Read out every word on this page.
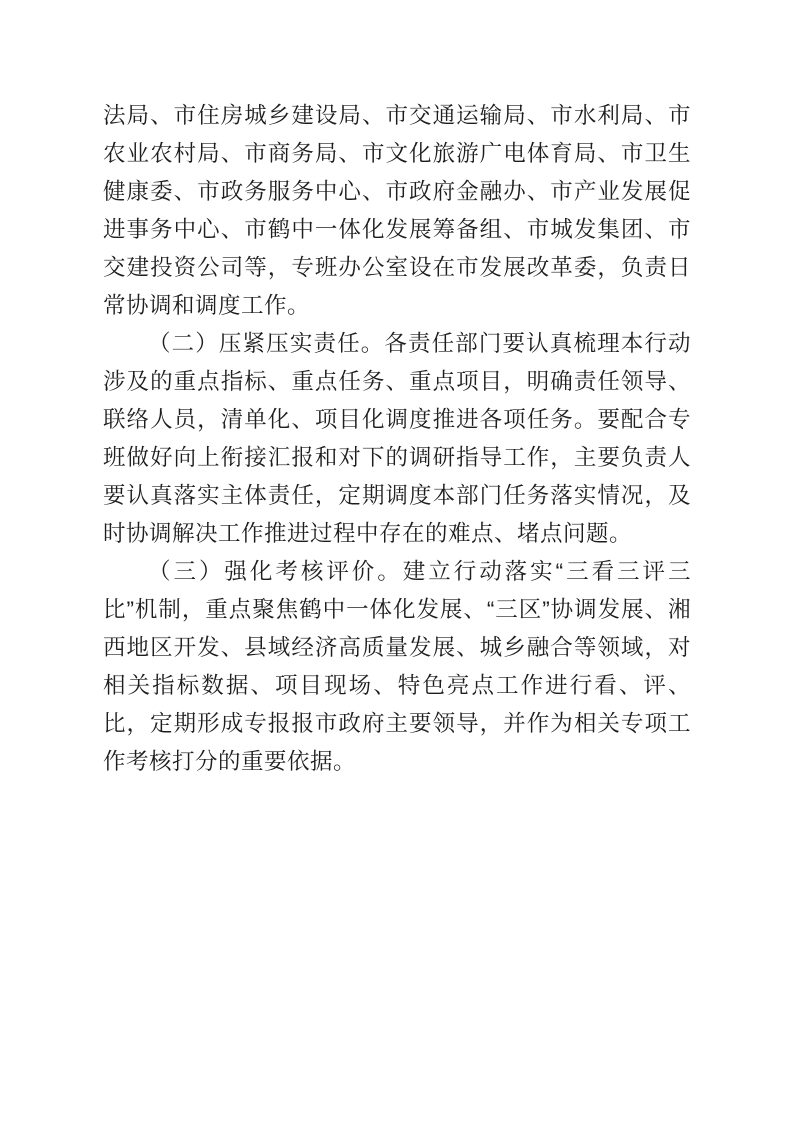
法局、市住房城乡建设局、市交通运输局、市水利局、市农业农村局、市商务局、市文化旅游广电体育局、市卫生健康委、市政务服务中心、市政府金融办、市产业发展促进事务中心、市鹤中一体化发展筹备组、市城发集团、市交建投资公司等，专班办公室设在市发展改革委，负责日常协调和调度工作。

（二）压紧压实责任。各责任部门要认真梳理本行动涉及的重点指标、重点任务、重点项目，明确责任领导、联络人员，清单化、项目化调度推进各项任务。要配合专班做好向上衔接汇报和对下的调研指导工作，主要负责人要认真落实主体责任，定期调度本部门任务落实情况，及时协调解决工作推进过程中存在的难点、堵点问题。

（三）强化考核评价。建立行动落实“三看三评三比”机制，重点聚焦鹤中一体化发展、“三区”协调发展、湘西地区开发、县域经济高质量发展、城乡融合等领域，对相关指标数据、项目现场、特色亮点工作进行看、评、比，定期形成专报报市政府主要领导，并作为相关专项工作考核打分的重要依据。
